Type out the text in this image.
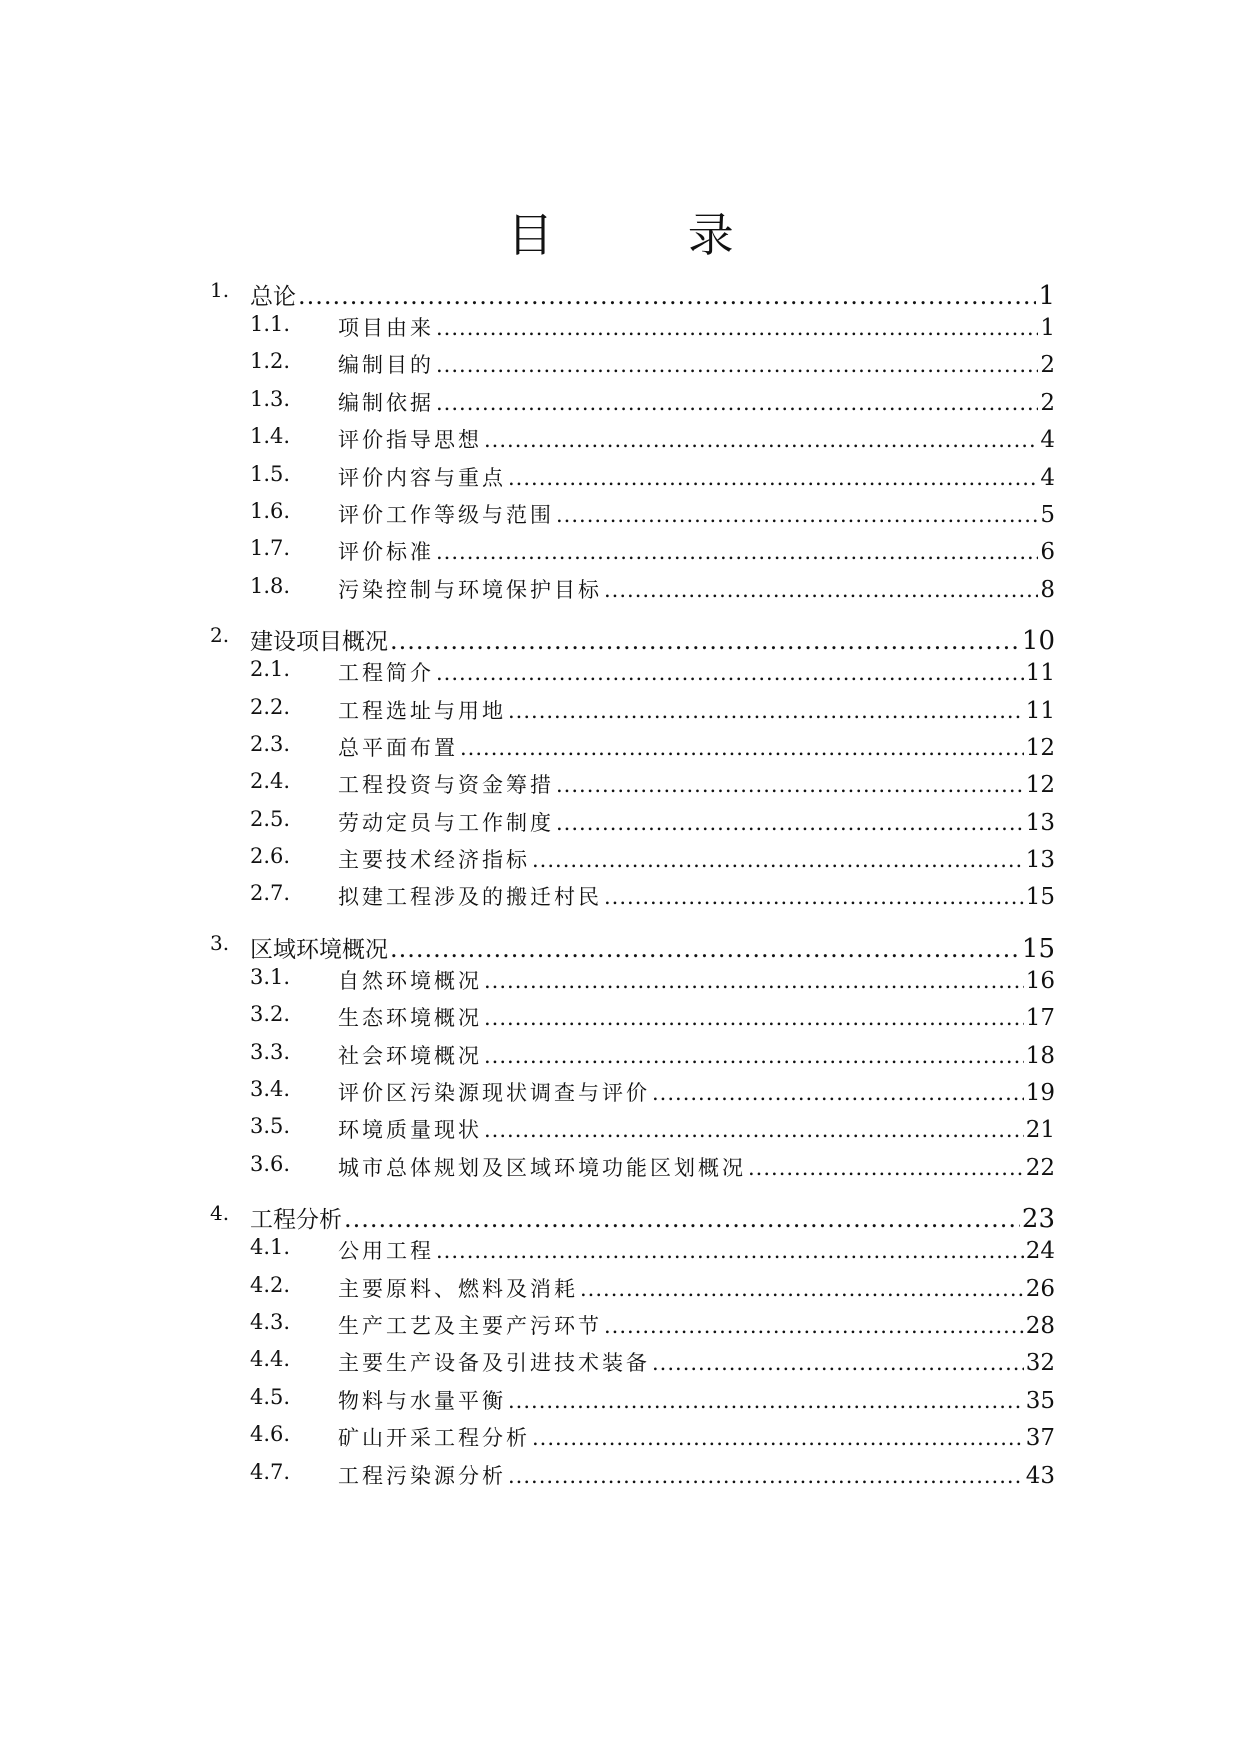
目 录
1. 总论 .....	1
1.1. 项目由来 .....	1
1.2. 编制目的 .....	2
1.3. 编制依据 .....	2
1.4. 评价指导思想 .....	4
1.5. 评价内容与重点 .....	4
1.6. 评价工作等级与范围 .....	5
1.7. 评价标准 .....	6
1.8. 污染控制与环境保护目标 .....	8
2. 建设项目概况 .....	10
2.1. 工程简介 .....	11
2.2. 工程选址与用地 .....	11
2.3. 总平面布置 .....	12
2.4. 工程投资与资金筹措 .....	12
2.5. 劳动定员与工作制度 .....	13
2.6. 主要技术经济指标 .....	13
2.7. 拟建工程涉及的搬迁村民 .....	15
3. 区域环境概况 .....	15
3.1. 自然环境概况 .....	16
3.2. 生态环境概况 .....	17
3.3. 社会环境概况 .....	18
3.4. 评价区污染源现状调查与评价 .....	19
3.5. 环境质量现状 .....	21
3.6. 城市总体规划及区域环境功能区划概况 .....	22
4. 工程分析 .....	23
4.1. 公用工程 .....	24
4.2. 主要原料、燃料及消耗 .....	26
4.3. 生产工艺及主要产污环节 .....	28
4.4. 主要生产设备及引进技术装备 .....	32
4.5. 物料与水量平衡 .....	35
4.6. 矿山开采工程分析 .....	37
4.7. 工程污染源分析 .....	43
